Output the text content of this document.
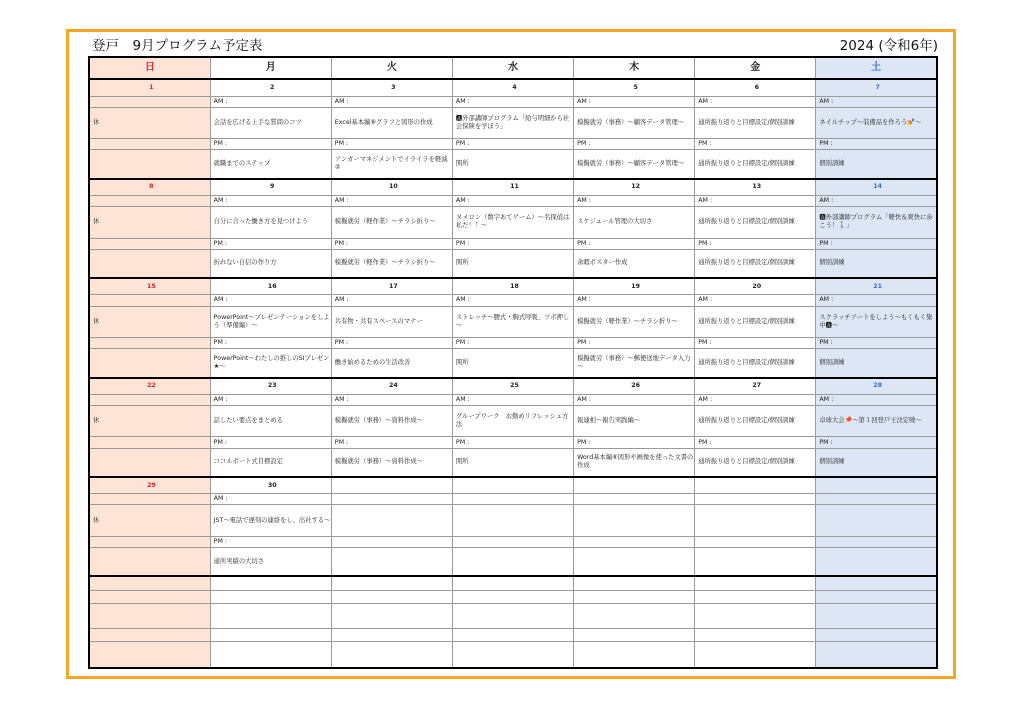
登戸　9月プログラム予定表	2024 (令和6年)
日	月	火	水	木	金	土
1	2	3	4	5	6	7
	AM :	AM :	AM :	AM :	AM :	AM :
休	会話を広げる上手な質問のコツ	Excel基本編⑧グラフと図形の作成	🅰外部講師プログラム「給与明細から社会保険を学ぼう」	模擬就労（事務）～顧客データ管理～	通所振り返りと目標設定/個別訓練	ネイルチップ～装備品を作ろう💅～
	PM :	PM :	PM :	PM :	PM :	PM :
	就職までのステップ	アンガーマネジメントでイライラを軽減②	開所	模擬就労（事務）～顧客データ管理～	通所振り返りと目標設定/個別訓練	個別訓練
8	9	10	11	12	13	14
	AM :	AM :	AM :	AM :	AM :	AM :
休	自分に合った働き方を見つけよう	模擬就労（軽作業）～チラシ折り～	ヌメロン（数字あてゲーム）～名探偵は私だ！！～	スケジュール管理の大切さ	通所振り返りと目標設定/個別訓練	🅰外部講師プログラム「軽快＆爽快に歩こう！🚶」
	PM :	PM :	PM :	PM :	PM :	PM :
	折れない自信の作り方	模擬就労（軽作業）～チラシ折り～	開所	余暇ポスター作成	通所振り返りと目標設定/個別訓練	個別訓練
15	16	17	18	19	20	21
	AM :	AM :	AM :	AM :	AM :	AM :
休	PowerPoint～プレゼンテーションをしよう（準備編）～	共有物・共有スペースのマナー	ストレッチ～腰式・胸式呼吸、ツボ押し～	模擬就労（軽作業）～チラシ折り～	通所振り返りと目標設定/個別訓練	スクラッチアートをしよう～もくもく集中🅰～
	PM :	PM :	PM :	PM :	PM :	PM :
	PowerPoint～わたしの推しのSIプレゼン★～	働き始めるための生活改善	開所	模擬就労（事務）～郵便送地データ入力～	通所振り返りと目標設定/個別訓練	個別訓練
22	23	24	25	26	27	28
	AM :	AM :	AM :	AM :	AM :	AM :
休	話したい要点をまとめる	模擬就労（事務）～資料作成～	グループワーク　お勤めリフレッシュ方法	報連相～報告実践編～	通所振り返りと目標設定/個別訓練	卓球大会🏓～第１回登戸王決定戦～
	PM :	PM :	PM :	PM :	PM :	PM :
	ココルポート式目標設定	模擬就労（事務）～資料作成～	開所	Word基本編⑥図形や画像を使った文書の作成	通所振り返りと目標設定/個別訓練	個別訓練
29	30					
	AM :					
休	JST～電話で遅刻の連絡をし、出社する～					
	PM :					
	通所実績の大切さ					
